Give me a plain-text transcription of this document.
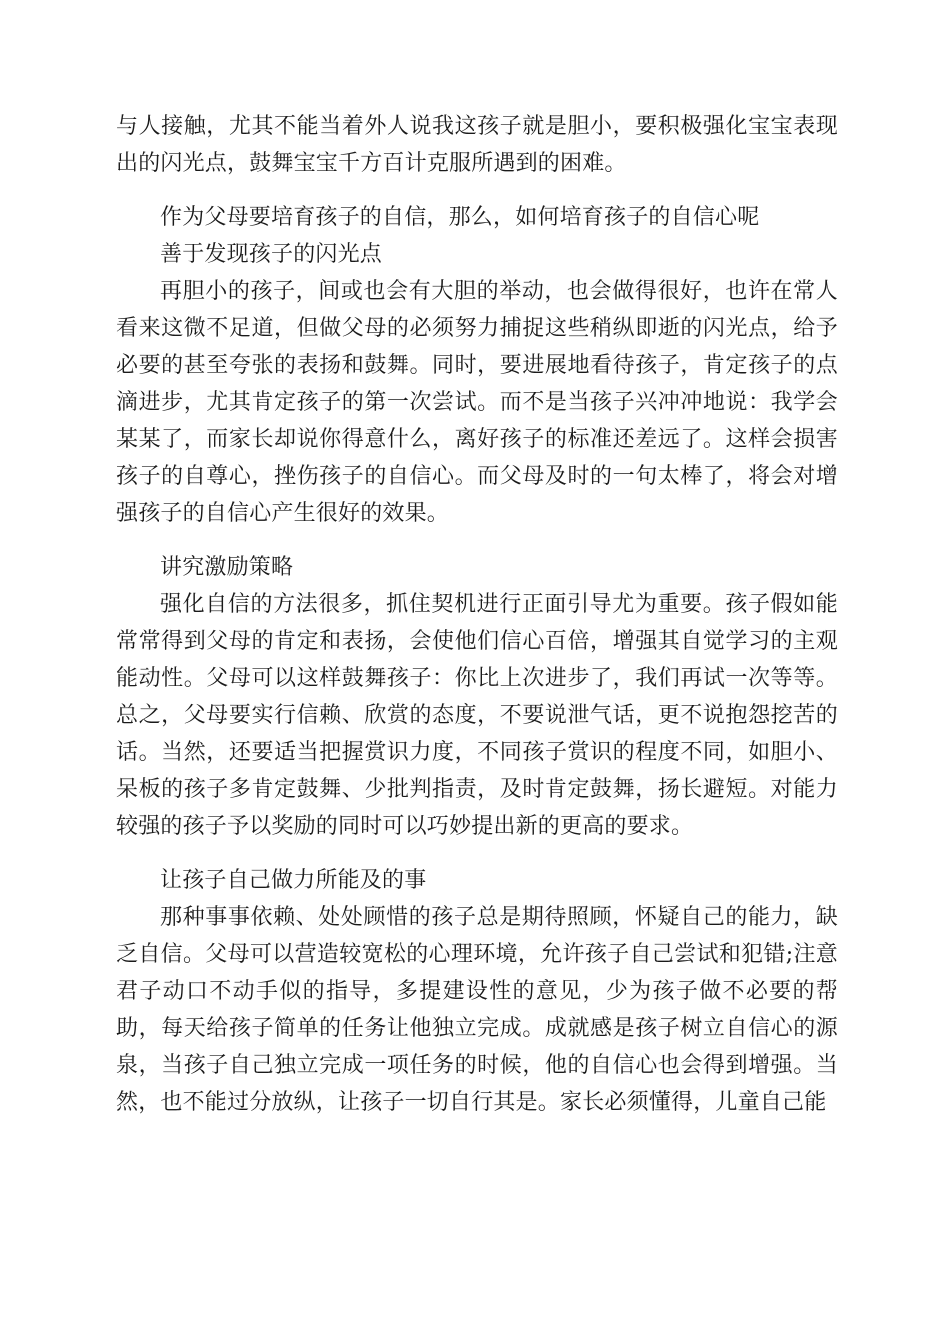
与人接触，尤其不能当着外人说我这孩子就是胆小，要积极强化宝宝表现出的闪光点，鼓舞宝宝千方百计克服所遇到的困难。

作为父母要培育孩子的自信，那么，如何培育孩子的自信心呢

善于发现孩子的闪光点

再胆小的孩子，间或也会有大胆的举动，也会做得很好，也许在常人看来这微不足道，但做父母的必须努力捕捉这些稍纵即逝的闪光点，给予必要的甚至夸张的表扬和鼓舞。同时，要进展地看待孩子，肯定孩子的点滴进步，尤其肯定孩子的第一次尝试。而不是当孩子兴冲冲地说：我学会某某了，而家长却说你得意什么，离好孩子的标准还差远了。这样会损害孩子的自尊心，挫伤孩子的自信心。而父母及时的一句太棒了，将会对增强孩子的自信心产生很好的效果。

讲究激励策略

强化自信的方法很多，抓住契机进行正面引导尤为重要。孩子假如能常常得到父母的肯定和表扬，会使他们信心百倍，增强其自觉学习的主观能动性。父母可以这样鼓舞孩子：你比上次进步了，我们再试一次等等。总之，父母要实行信赖、欣赏的态度，不要说泄气话，更不说抱怨挖苦的话。当然，还要适当把握赏识力度，不同孩子赏识的程度不同，如胆小、呆板的孩子多肯定鼓舞、少批判指责，及时肯定鼓舞，扬长避短。对能力较强的孩子予以奖励的同时可以巧妙提出新的更高的要求。

让孩子自己做力所能及的事

那种事事依赖、处处顾惜的孩子总是期待照顾，怀疑自己的能力，缺乏自信。父母可以营造较宽松的心理环境，允许孩子自己尝试和犯错;注意君子动口不动手似的指导，多提建设性的意见，少为孩子做不必要的帮助，每天给孩子简单的任务让他独立完成。成就感是孩子树立自信心的源泉，当孩子自己独立完成一项任务的时候，他的自信心也会得到增强。当然，也不能过分放纵，让孩子一切自行其是。家长必须懂得，儿童自己能
